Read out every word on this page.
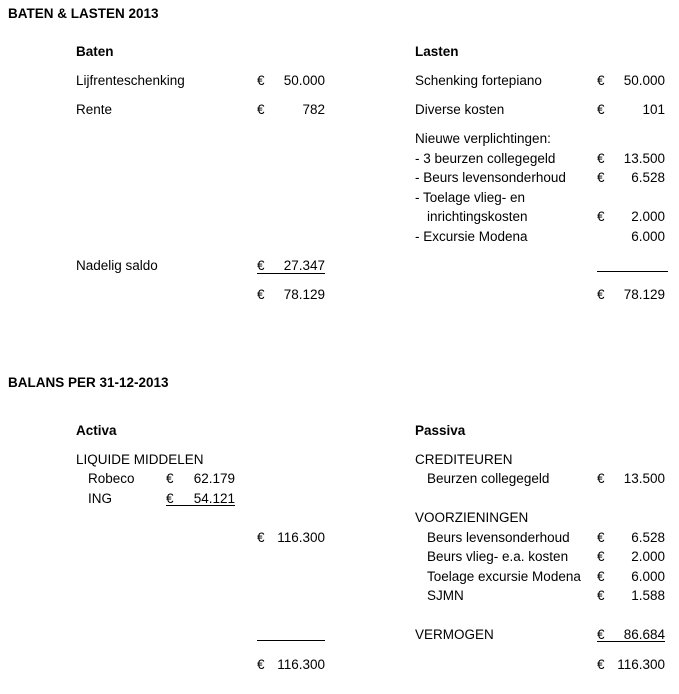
BATEN & LASTEN 2013
Baten
Lijfrenteschenking	€	50.000
Rente	€	782
Nadelig saldo	€	27.347
€	78.129
Lasten
Schenking fortepiano	€	50.000
Diverse kosten	€	101
Nieuwe verplichtingen:
- 3 beurzen collegegeld	€	13.500
- Beurs levensonderhoud €	6.528
- Toelage vlieg- en
inrichtingskosten	€	2.000
- Excursie Modena	6.000
€	78.129
BALANS PER 31-12-2013
Activa
LIQUIDE MIDDELEN
Robeco €	62.179
ING	€	54.121
€ 116.300
€ 116.300
Passiva
CREDITEUREN
Beurzen collegegeld	€	13.500
VOORZIENINGEN
Beurs levensonderhoud €	6.528
Beurs vlieg- e.a. kosten €	2.000
Toelage excursie Modena €	6.000
SJMN	€	1.588
VERMOGEN	€	86.684
€ 116.300
